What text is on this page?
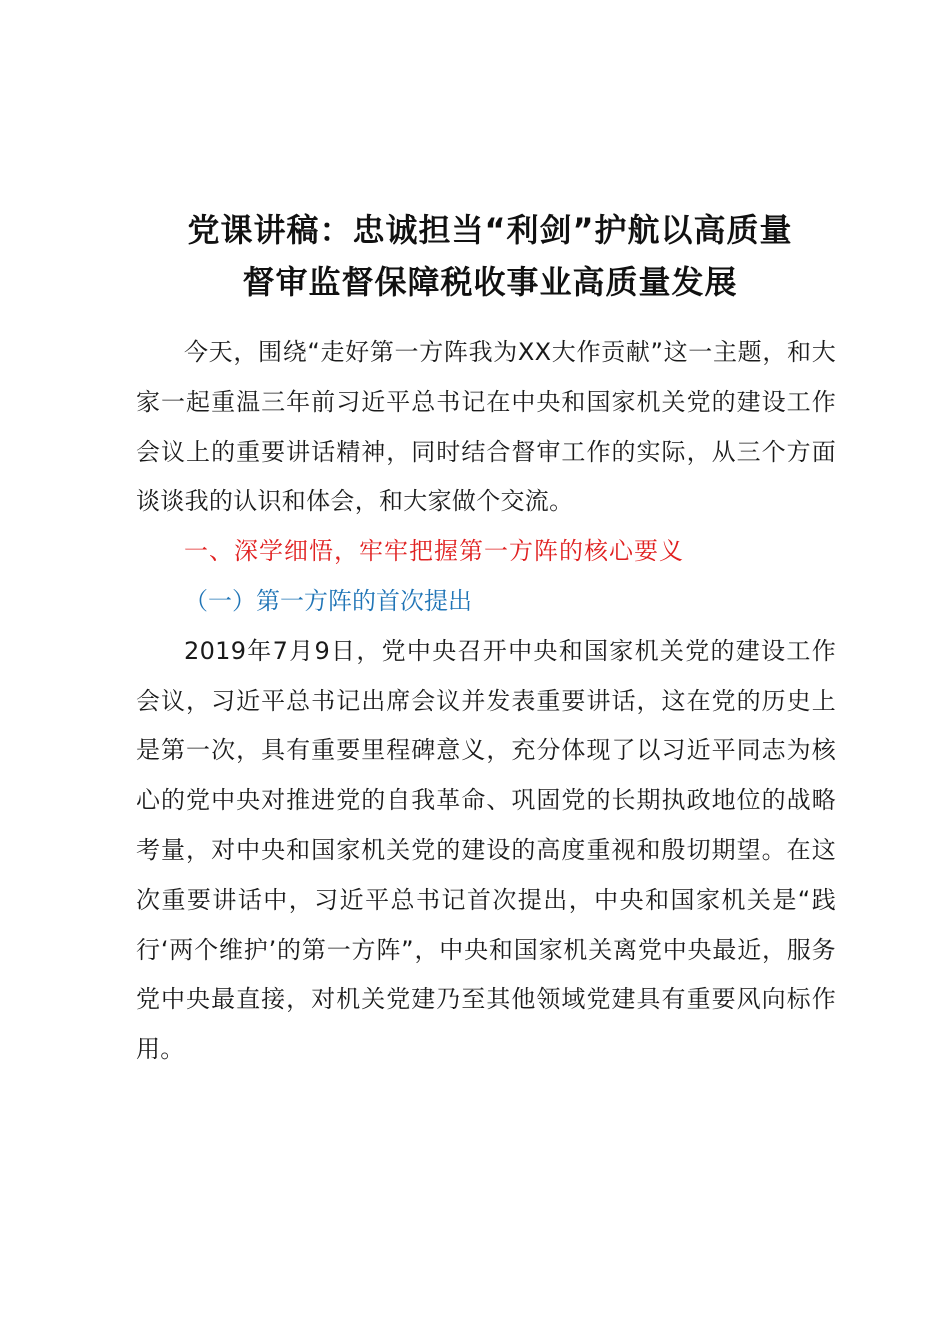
党课讲稿：忠诚担当“利剑”护航以高质量
督审监督保障税收事业高质量发展

今天，围绕“走好第一方阵我为XX大作贡献”这一主题，和大家一起重温三年前习近平总书记在中央和国家机关党的建设工作会议上的重要讲话精神，同时结合督审工作的实际，从三个方面谈谈我的认识和体会，和大家做个交流。

一、深学细悟，牢牢把握第一方阵的核心要义

（一）第一方阵的首次提出

2019年7月9日，党中央召开中央和国家机关党的建设工作会议，习近平总书记出席会议并发表重要讲话，这在党的历史上是第一次，具有重要里程碑意义，充分体现了以习近平同志为核心的党中央对推进党的自我革命、巩固党的长期执政地位的战略考量，对中央和国家机关党的建设的高度重视和殷切期望。在这次重要讲话中，习近平总书记首次提出，中央和国家机关是“践行‘两个维护’的第一方阵”，中央和国家机关离党中央最近，服务党中央最直接，对机关党建乃至其他领域党建具有重要风向标作用。
